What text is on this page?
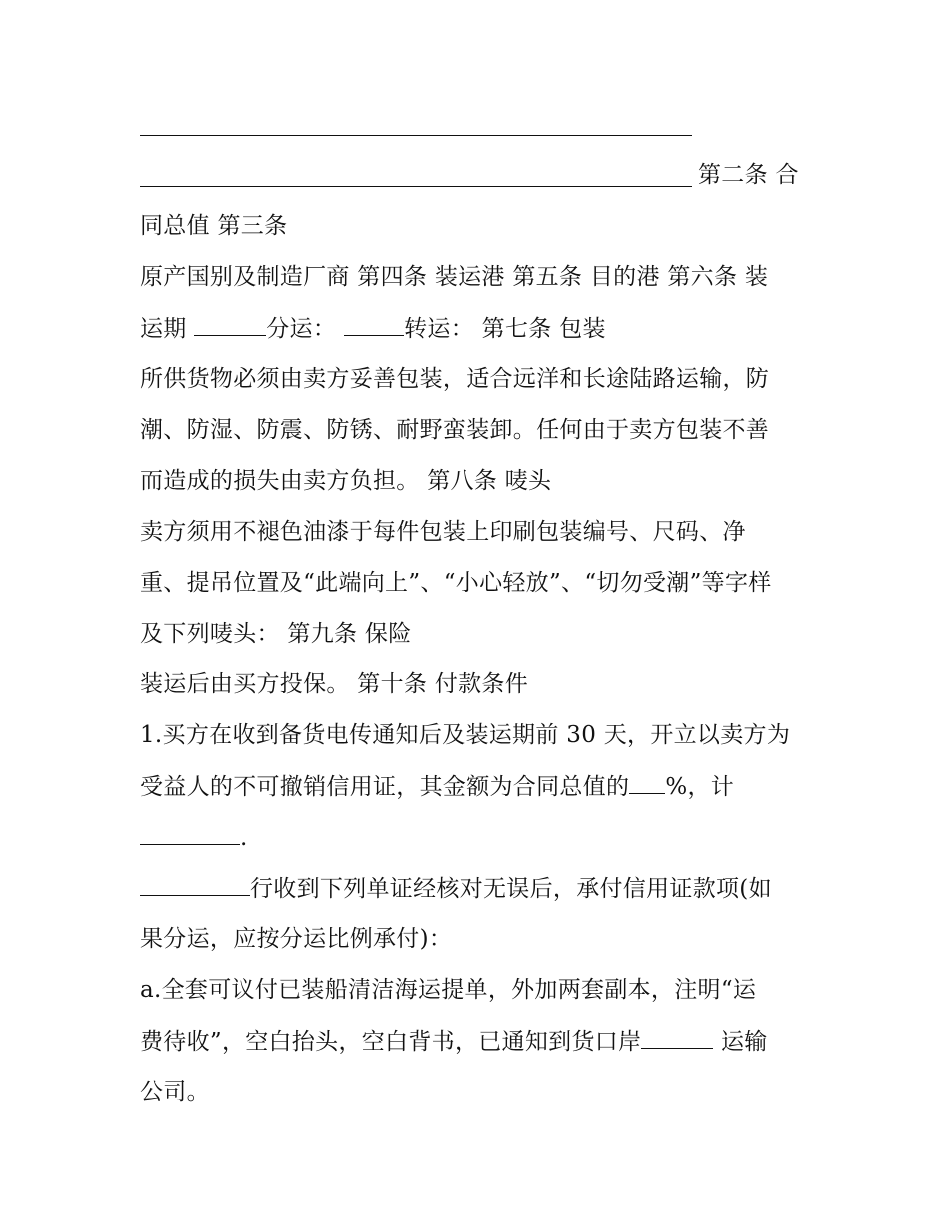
第二条 合
同总值 第三条
原产国别及制造厂商 第四条 装运港 第五条 目的港 第六条 装
运期	分运：	转运： 第七条 包装
所供货物必须由卖方妥善包装，适合远洋和长途陆路运输，防
潮、防湿、防震、防锈、耐野蛮装卸。任何由于卖方包装不善
而造成的损失由卖方负担。 第八条 唛头
卖方须用不褪色油漆于每件包装上印刷包装编号、尺码、净
重、提吊位置及“此端向上”、“小心轻放”、“切勿受潮”等字样
及下列唛头： 第九条 保险
装运后由买方投保。 第十条 付款条件
1.买方在收到备货电传通知后及装运期前 30 天，开立以卖方为
受益人的不可撤销信用证，其金额为合同总值的 %，计
.
行收到下列单证经核对无误后，承付信用证款项(如
果分运，应按分运比例承付)：
a.全套可议付已装船清洁海运提单，外加两套副本，注明“运
费待收”，空白抬头，空白背书，已通知到货口岸	运输
公司。
